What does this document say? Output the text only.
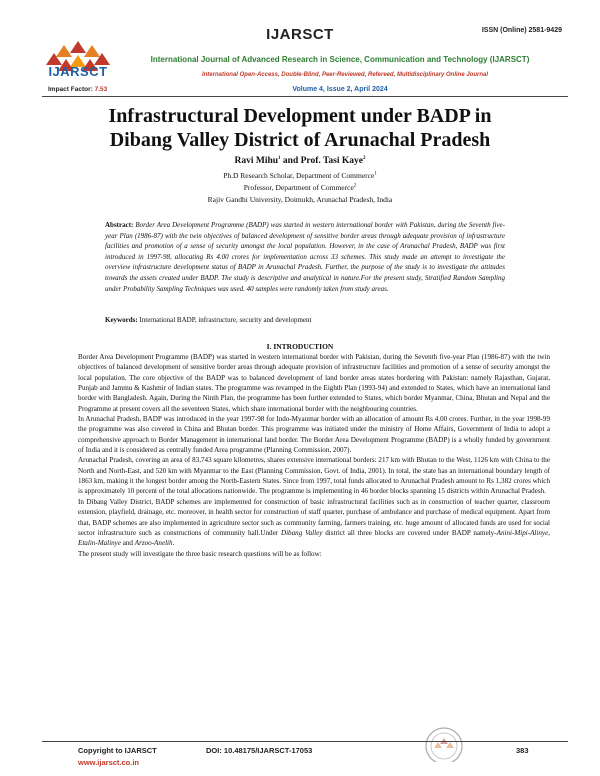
IJARSCT	ISSN (Online) 2581-9429
IJARSCT
Impact Factor: 7.53
International Journal of Advanced Research in Science, Communication and Technology (IJARSCT)
International Open-Access, Double-Blind, Peer-Reviewed, Refereed, Multidisciplinary Online Journal
Volume 4, Issue 2, April 2024
Infrastructural Development under BADP in
Dibang Valley District of Arunachal Pradesh
Ravi Mihu$^1$ and Prof. Tasi Kaye$^2$
Ph.D Research Scholar, Department of Commerce$^1$
Professor, Department of Commerce$^2$
Rajiv Gandhi University, Doimukh, Arunachal Pradesh, India
Abstract: Border Area Development Programme (BADP) was started in western international border with Pakistan, during the Seventh five-year Plan (1986-87) with the twin objectives of balanced development of sensitive border areas through adequate provision of infrastructure facilities and promotion of a sense of security amongst the local population. However, in the case of Arunachal Pradesh, BADP was first introduced in 1997-98, allocating Rs 4.00 crores for implementation across 33 schemes. This study made an attempt to investigate the overview infrastructure development status of BADP in Arunachal Pradesh. Further, the purpose of the study is to investigate the attitudes towards the assets created under BADP. The study is descriptive and analytical in nature.For the present study, Stratified Random Sampling under Probability Sampling Techniques was used. 40 samples were randomly taken from study areas.
Keywords: International BADP, infrastructure, security and development
I. INTRODUCTION

Border Area Development Programme (BADP) was started in western international border with Pakistan, during the Seventh five-year Plan (1986-87) with the twin objectives of balanced development of sensitive border areas through adequate provision of infrastructure facilities and promotion of a sense of security amongst the local population. The core objective of the BADP was to balanced development of land border areas states bordering with Pakistan: namely Rajasthan, Gujarat, Punjab and Jammu & Kashmir of Indian states. The programme was revamped in the Eighth Plan (1993-94) and extended to States, which have an international land border with Bangladesh. Again, During the Ninth Plan, the programme has been further extended to States, which border Myanmar, China, Bhutan and Nepal and the Programme at present covers all the seventeen States, which share international border with the neighbouring countries.

In Arunachal Pradesh, BADP was introduced in the year 1997-98 for Indo-Myanmar border with an allocation of amount Rs 4.00 crores. Further, in the year 1998-99 the programme was also covered in China and Bhutan border. This programme was initiated under the ministry of Home Affairs, Government of India to adopt a comprehensive approach to Border Management in international land border. The Border Area Development Programme (BADP) is a wholly funded by government of India and it is considered as centrally funded Area programme (Planning Commission, 2007).

Arunachal Pradesh, covering an area of 83,743 square kilometres, shares extensive international borders: 217 km with Bhutan to the West, 1126 km with China to the North and North-East, and 520 km with Myanmar to the East (Planning Commission, Govt. of India, 2001). In total, the state has an international boundary length of 1863 km, making it the longest border among the North-Eastern States. Since from 1997, total funds allocated to Arunachal Pradesh amount to Rs 1,382 crores which is approximately 10 percent of the total allocations nationwide. The programme is implementing in 46 border blocks spanning 15 districts within Arunachal Pradesh.

In Dibang Valley District, BADP schemes are implemented for construction of basic infrastructural facilities such as in construction of teacher quarter, classroom extension, playfield, drainage, etc. moreover, in health sector for construction of staff quarter, purchase of ambulance and purchase of medical equipment. Apart from that, BADP schemes are also implemented in agriculture sector such as community farming, farmers training, etc. huge amount of allocated funds are used for social sector infrastructure such as constructions of community hall.Under Dibang Valley district all three blocks are covered under BADP namely-Anini-Mipi-Alinye, Etalin-Malinye and Arzoo-Anelih.

The present study will investigate the three basic research questions will be as follow:

Copyright to IJARSCT
www.ijarsct.co.in
DOI: 10.48175/IJARSCT-17053	383
